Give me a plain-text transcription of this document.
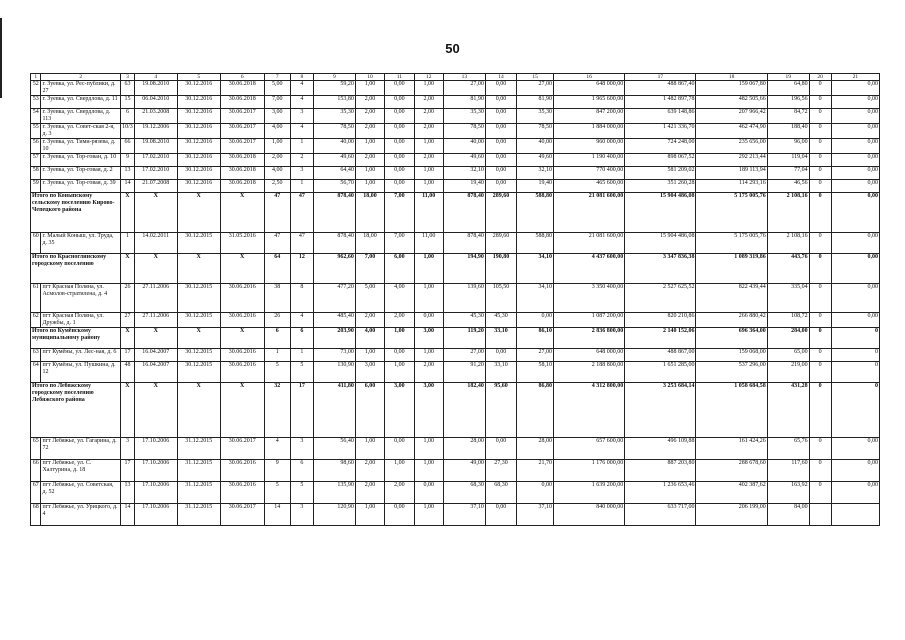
50
1	2	3	4	5	6	7	8	9	10	11	12	13	14	15	16	17	18	19	20	21
52	г. Зуевка, ул. Рес-публики, д. 27	63	19.08.2010	30.12.2016	30.06.2018	5,00	4	59,20	1,00	0,00	1,00	27,00	0,00	27,00	648 000,00	488 867,40	159 067,80	64,80	0	0,00
53	г. Зуевка, ул. Свердлова, д. 11	15	06.04.2010	30.12.2016	30.06.2018	7,00	4	153,80	2,00	0,00	2,00	81,90	0,00	81,90	1 965 600,00	1 482 897,78	482 505,66	196,56	0	0,00
54	г. Зуевка, ул. Свердлова, д. 113	6	21.03.2008	30.12.2016	30.06.2017	3,00	3	35,30	2,00	0,00	2,00	35,30	0,00	35,30	847 200,00	639 148,86	207 966,42	84,72	0	0,00
55	г. Зуевка, ул. Совет-ская 2-я, д. 3	10/3	19.12.2006	30.12.2016	30.06.2017	4,00	4	78,50	2,00	0,00	2,00	78,50	0,00	78,50	1 884 000,00	1 421 336,70	462 474,90	188,40	0	0,00
56	г. Зуевка, ул. Тими-рязева, д. 10	66	19.08.2010	30.12.2016	30.06.2017	1,00	1	40,00	1,00	0,00	1,00	40,00	0,00	40,00	960 000,00	724 248,00	235 656,00	96,00	0	0,00
57	г. Зуевка, ул. Тор-гован, д. 10	9	17.02.2010	30.12.2016	30.06.2018	2,00	2	49,60	2,00	0,00	2,00	49,60	0,00	49,60	1 190 400,00	898 067,52	292 213,44	119,04	0	0,00
58	г. Зуевка, ул. Тор-говая, д. 2	13	17.02.2010	30.12.2016	30.06.2018	4,00	3	64,40	1,00	0,00	1,00	32,10	0,00	32,10	770 400,00	581 209,02	189 113,94	77,04	0	0,00
59	г. Зуевка, ул. Тор-говая, д. 39	14	21.07.2008	30.12.2016	30.06.2018	2,50	1	56,70	1,00	0,00	1,00	19,40	0,00	19,40	465 600,00	351 260,28	114 293,16	46,56	0	0,00
Итого по Коныпскому сельскому поселению Кирово-Чепецкого района		X	X	X	X	47	47	878,40	18,00	7,00	11,00	878,40	289,60	588,80	21 081 600,00	15 904 486,08	5 175 005,76	2 108,16	0	0,00
60	г. Малый Коныш, ул. Труда, д. 35	1	14.02.2011	30.12.2015	31.05.2016	47	47	878,40	18,00	7,00	11,00	878,40	289,60	588,80	21 081 600,00	15 904 486,08	5 175 005,76	2 108,16	0	0,00
Итого по Красноглинскому городскому поселению		X	X	X	X	64	12	962,60	7,00	6,00	1,00	194,90	190,80	34,10	4 437 600,00	3 347 836,38	1 089 319,86	443,76	0	0,00
61	пгт Красная Поляна, ул. Асмолов-стратилена, д. 4	26	27.11.2006	30.12.2015	30.06.2016	38	8	477,20	5,00	4,00	1,00	139,60	105,50	34,10	3 350 400,00	2 527 625,52	822 439,44	335,04	0	0,00
62	пгт Красная Поляна, ул. Дружбы, д. 1	27	27.11.2006	30.12.2015	30.06.2016	26	4	485,40	2,00	2,00	0,00	45,30	45,30	0,00	1 087 200,00	820 210,86	266 880,42	108,72	0	0,00
Итого по Кумёнскому муниципальному району		X	X	X	X	6	6	203,90	4,00	1,00	3,00	119,20	33,10	86,10	2 836 800,00	2 140 152,06	696 364,00	284,00	0	0
63	пгт Кумёны, ул. Лес-ная, д. 6	17	16.04.2007	30.12.2015	30.06.2016	1	1	73,00	1,00	0,00	1,00	27,00	0,00	27,00	648 000,00	488 867,00	159 068,00	65,00	0	0
64	пгт Кумёны, ул. Пушкина, д. 12	48	16.04.2007	30.12.2015	30.06.2016	5	5	130,90	3,00	1,00	2,00	91,20	33,10	58,10	2 188 800,00	1 651 285,00	537 296,00	219,00	0	0
Итого по Лебяжскому городскому поселению Лебяжского района		X	X	X	X	32	17	411,80	6,00	3,00	3,00	182,40	95,60	86,80	4 312 800,00	3 253 684,14	1 058 684,58	431,28	0	0
65	пгт Лебяжье, ул. Гагарина, д. 72	3	17.10.2006	31.12.2015	30.06.2017	4	3	56,40	1,00	0,00	1,00	28,00	0,00	28,00	657 600,00	496 109,88	161 424,26	65,76	0	0,00
66	пгт Лебяжье, ул. С. Халтурина, д. 18	17	17.10.2006	31.12.2015	30.06.2016	9	6	98,60	2,00	1,00	1,00	49,00	27,30	21,70	1 176 000,00	887 203,80	288 678,60	117,60	0	0,00
67	пгт Лебяжье, ул. Советская, д. 52	13	17.10.2006	31.12.2015	30.06.2016	5	5	135,90	2,00	2,00	0,00	68,30	68,30	0,00	1 639 200,00	1 236 653,46	402 387,62	163,92	0	0,00
68	пгт Лебяжье, ул. Урицкого, д. 4	14	17.10.2006	31.12.2015	30.06.2017	14	3	120,90	1,00	0,00	1,00	37,10	0,00	37,10	840 000,00	633 717,00	206 199,00	84,00		
